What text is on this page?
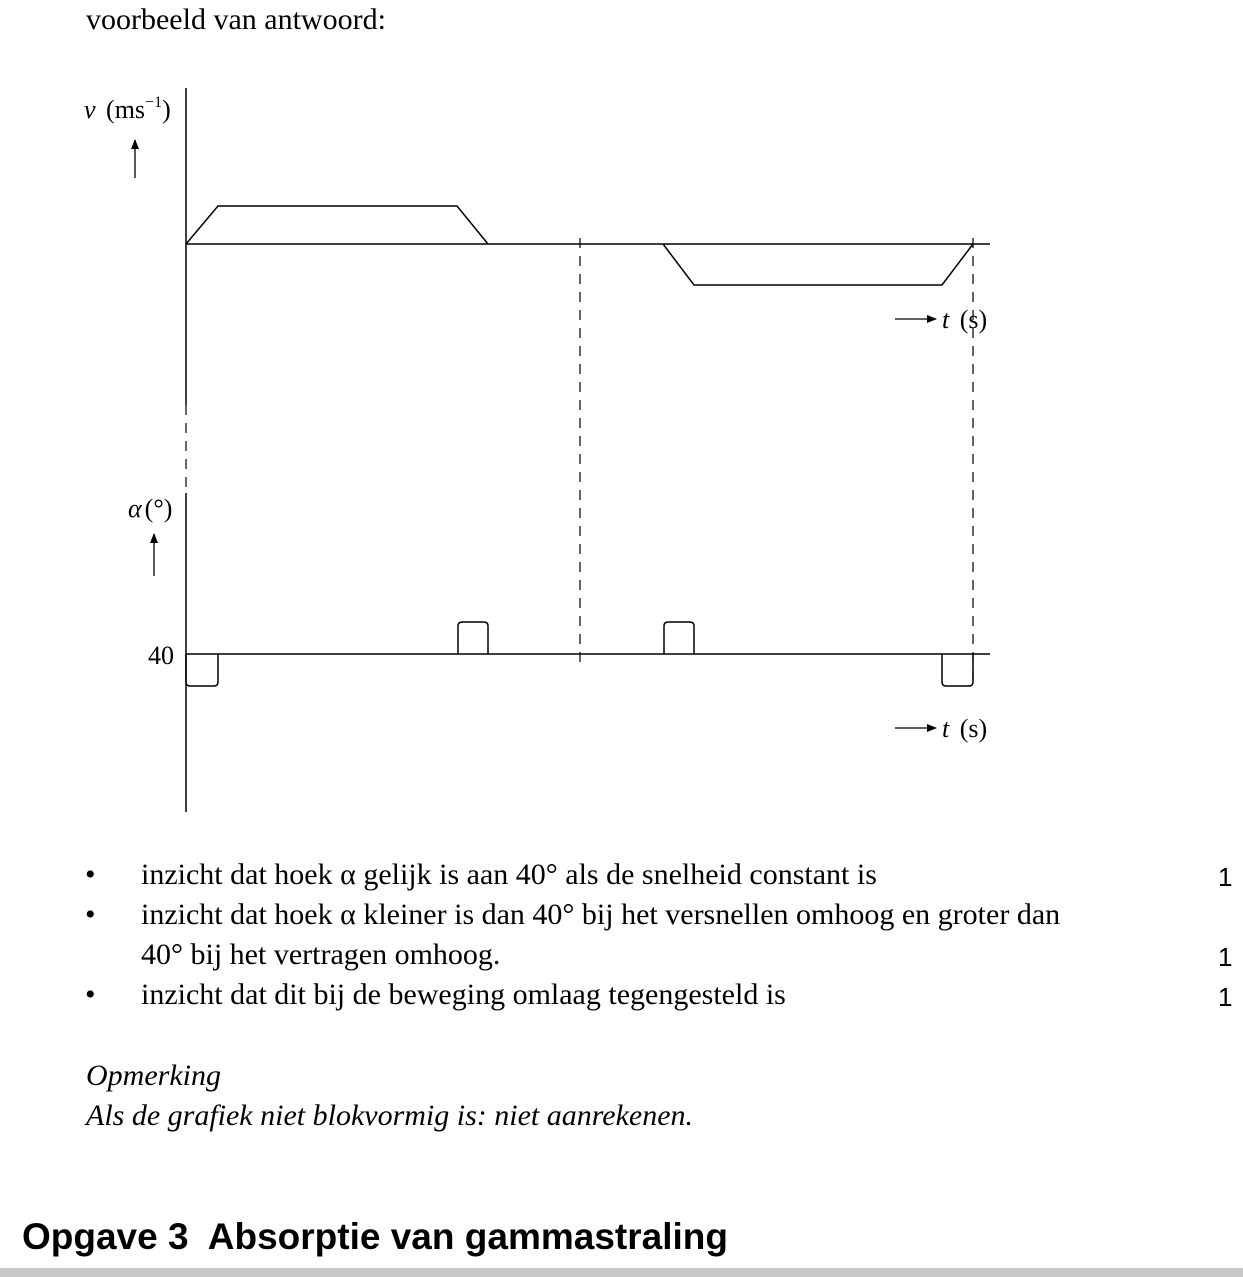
voorbeeld van antwoord:
v $(ms^{-1})$
t (s)
α (°)
40
t (s)
• inzicht dat hoek α gelijk is aan 40° als de snelheid constant is	1
• inzicht dat hoek α kleiner is dan 40° bij het versnellen omhoog en groter dan 40° bij het vertragen omhoog.	1
• inzicht dat dit bij de beweging omlaag tegengesteld is	1
Opmerking
Als de grafiek niet blokvormig is: niet aanrekenen.
Opgave 3 Absorptie van gammastraling
